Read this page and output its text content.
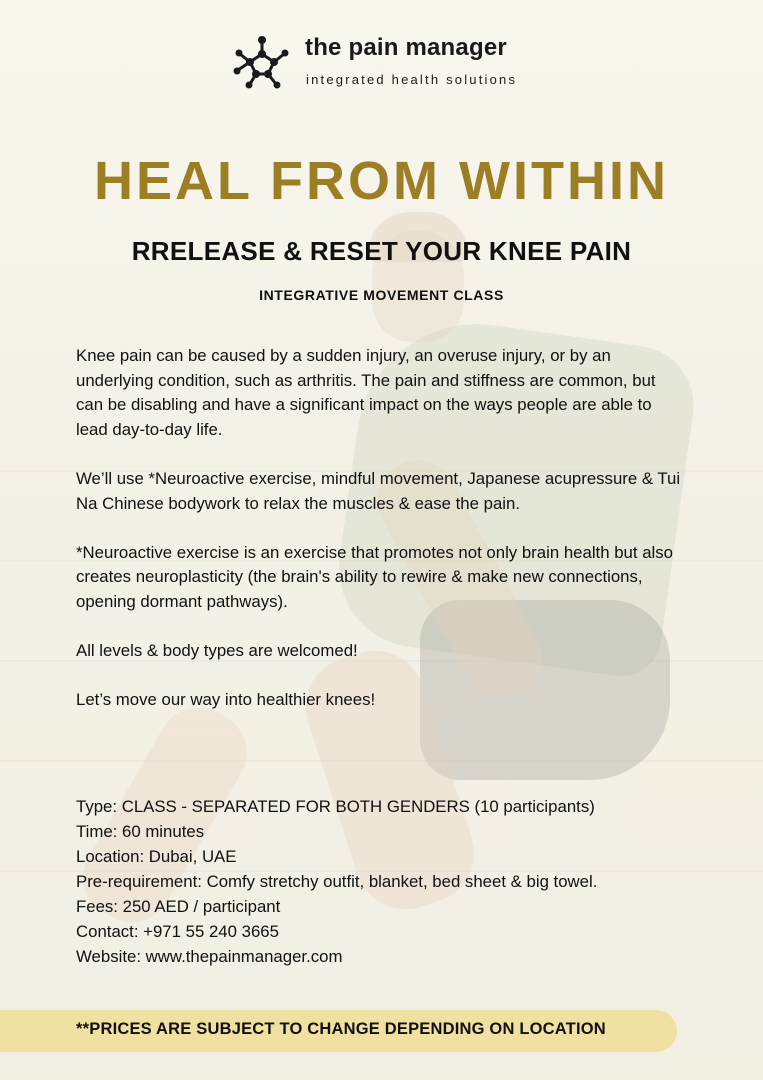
the pain manager
integrated health solutions
HEAL FROM WITHIN
RRELEASE & RESET YOUR KNEE PAIN
INTEGRATIVE MOVEMENT CLASS

Knee pain can be caused by a sudden injury, an overuse injury, or by an underlying condition, such as arthritis. The pain and stiffness are common, but can be disabling and have a significant impact on the ways people are able to lead day-to-day life.

We’ll use *Neuroactive exercise, mindful movement, Japanese acupressure & Tui Na Chinese bodywork to relax the muscles & ease the pain.

*Neuroactive exercise is an exercise that promotes not only brain health but also creates neuroplasticity (the brain's ability to rewire & make new connections, opening dormant pathways).

All levels & body types are welcomed!

Let’s move our way into healthier knees!

Type: CLASS - SEPARATED FOR BOTH GENDERS (10 participants)
Time: 60 minutes
Location: Dubai, UAE
Pre-requirement: Comfy stretchy outfit, blanket, bed sheet & big towel.
Fees: 250 AED / participant
Contact: +971 55 240 3665
Website: www.thepainmanager.com
**PRICES ARE SUBJECT TO CHANGE DEPENDING ON LOCATION
